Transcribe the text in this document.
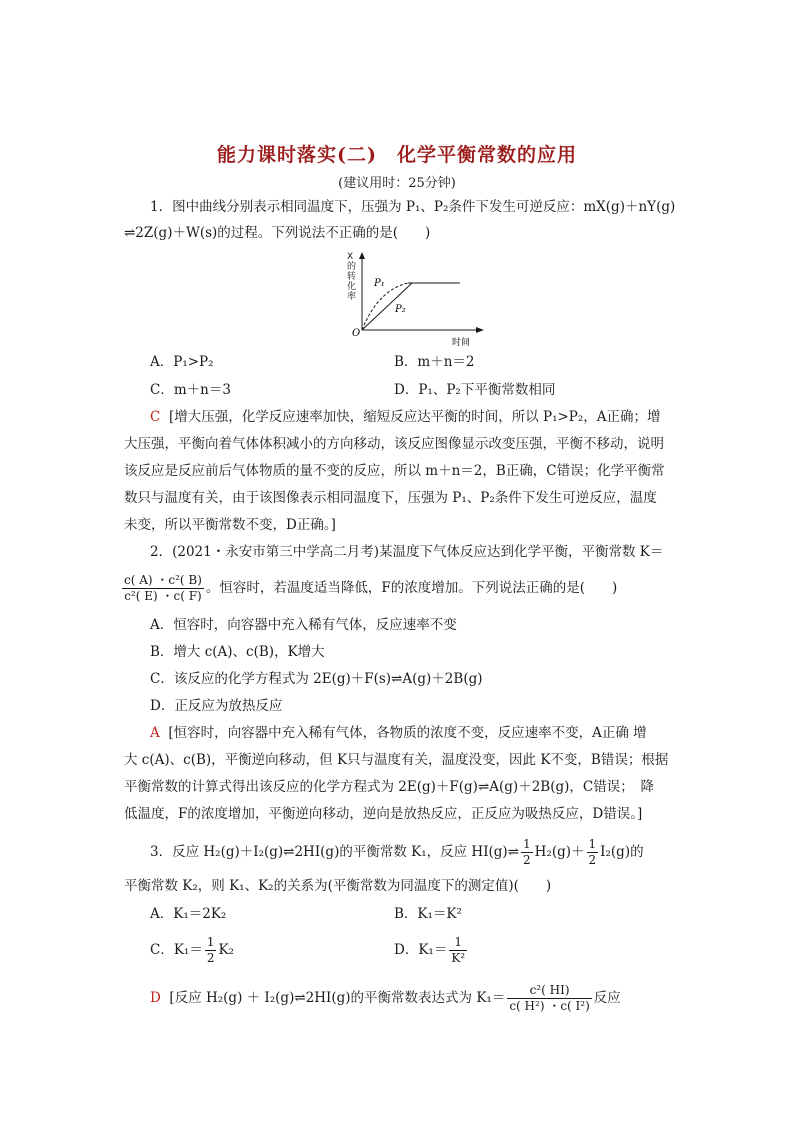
能力课时落实(二)　化学平衡常数的应用
(建议用时：25分钟)
1．图中曲线分别表示相同温度下，压强为 P₁、P₂条件下发生可逆反应：mX(g)＋nY(g)
⇌2Z(g)＋W(s)的过程。下列说法不正确的是(　　)
P₁
P₂
O
时间
X的转化率
A．P₁>P₂	B．m＋n＝2
C．m＋n＝3	D．P₁、P₂下平衡常数相同
C [增大压强，化学反应速率加快，缩短反应达平衡的时间，所以 P₁>P₂，A正确；增
大压强，平衡向着气体体积减小的方向移动，该反应图像显示改变压强，平衡不移动，说明
该反应是反应前后气体物质的量不变的反应，所以 m＋n＝2，B正确，C错误；化学平衡常
数只与温度有关，由于该图像表示相同温度下，压强为 P₁、P₂条件下发生可逆反应，温度
未变，所以平衡常数不变，D正确。]
2．(2021・永安市第三中学高二月考)某温度下气体反应达到化学平衡，平衡常数 K＝
$\frac{\text{c( A) ・c²( B)}}{\text{c²( E) ・c( F)}}$ 。恒容时，若温度适当降低，F的浓度增加。下列说法正确的是(　　)
A．恒容时，向容器中充入稀有气体，反应速率不变
B．增大 c(A)、c(B)，K增大
C．该反应的化学方程式为 2E(g)＋F(s)⇌A(g)＋2B(g)
D．正反应为放热反应
A [恒容时，向容器中充入稀有气体，各物质的浓度不变，反应速率不变，A正确 增
大 c(A)、c(B)，平衡逆向移动，但 K只与温度有关，温度没变，因此 K不变，B错误；根据
平衡常数的计算式得出该反应的化学方程式为 2E(g)＋F(g)⇌A(g)＋2B(g)，C错误；　降
低温度，F的浓度增加，平衡逆向移动，逆向是放热反应，正反应为吸热反应，D错误。]
3．反应 H₂(g)＋I₂(g)⇌2HI(g)的平衡常数 K₁，反应 HI(g)⇌ $\frac{1}{2} H_2(g)+ \frac{1}{2} I_2(g)$的
平衡常数 K₂，则 K₁、K₂的关系为(平衡常数为同温度下的测定值)(　　)
A．K₁＝2K₂	B．K₁＝K²
C．$K_1= \frac{1}{2} K_2$	D．$K_1= \frac{1}{\text{K²}}$
D [反应 H₂(g) ＋ I₂(g)⇌2HI(g)的平衡常数表达式为 $K_1= \frac{\text{c²( HI)}}{\text{c( H²) ・c( I²)}}$ 反应
